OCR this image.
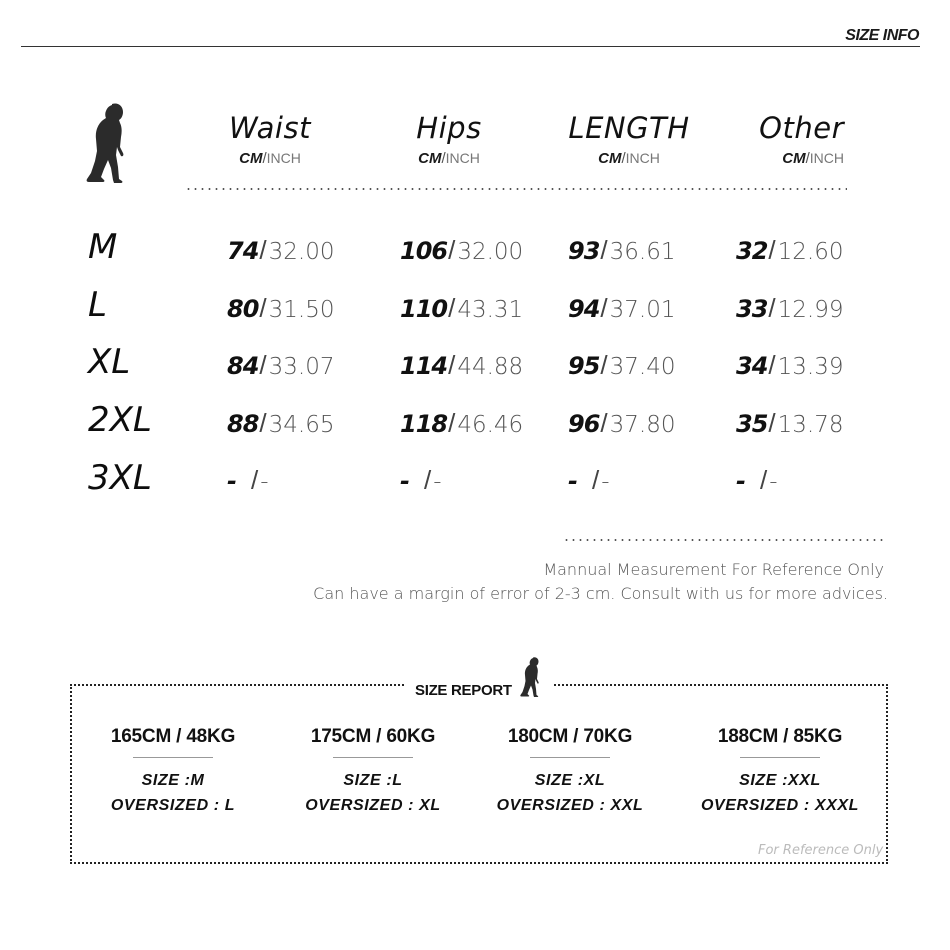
SIZE INFO
Waist
CM/INCH
Hips
CM/INCH
LENGTH
CM/INCH
Other
CM/INCH
M	74/32.00	106/32.00 93/36.61	32/12.60
L	80/31.50	110/43.31 94/37.01	33/12.99
XL	84/33.07	114/44.88 95/37.40	34/13.39
2XL	88/34.65	118/46.46 96/37.80	35/13.78
3XL	- /-	- /-	- /-	- /-
Mannual Measurement For Reference Only
Can have a margin of error of 2-3 cm. Consult with us for more advices.
SIZE REPORT
165CM / 48KG
SIZE :M
OVERSIZED : L
175CM / 60KG
SIZE :L
OVERSIZED : XL
180CM / 70KG
SIZE :XL
OVERSIZED : XXL
188CM / 85KG
SIZE :XXL
OVERSIZED : XXXL
For Reference Only
